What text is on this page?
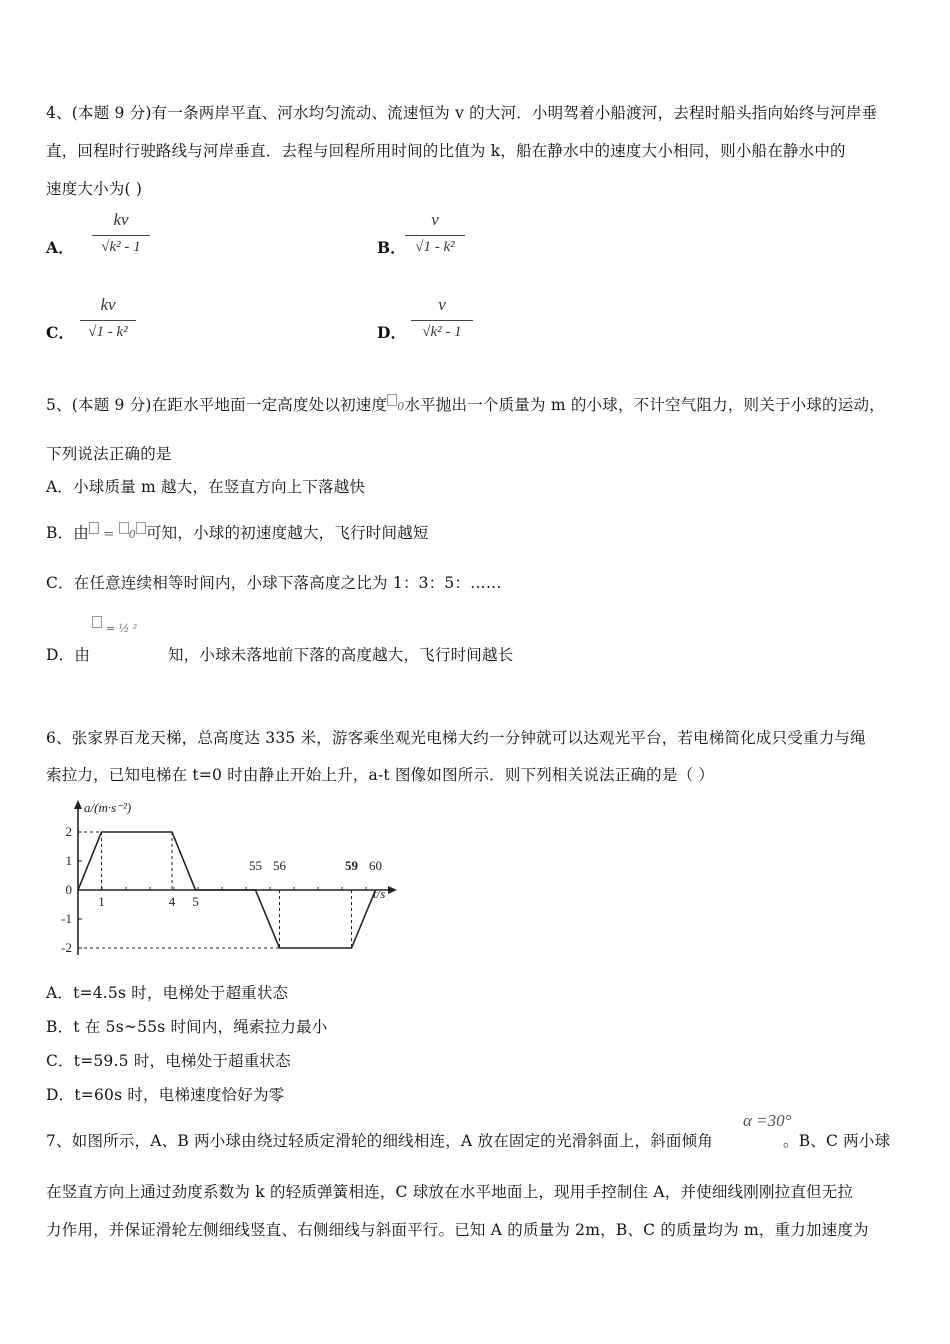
4、(本题 9 分)有一条两岸平直、河水均匀流动、流速恒为 v 的大河．小明驾着小船渡河，去程时船头指向始终与河岸垂
直，回程时行驶路线与河岸垂直．去程与回程所用时间的比值为 k，船在静水中的速度大小相同，则小船在静水中的
速度大小为( )
A．
kv
√k² - 1	B．
v
√1 - k²
C．
kv
√1 - k²	D．
v
√k² - 1
5、(本题 9 分)在距水平地面一定高度处以初速度 0水平抛出一个质量为 m 的小球，不计空气阻力，则关于小球的运动，
下列说法正确的是
A．小球质量 m 越大，在竖直方向上下落越快
B．由 = 0 可知，小球的初速度越大，飞行时间越短
C．在任意连续相等时间内，小球下落高度之比为 1：3：5：……
= ½ ²
D．由	知，小球未落地前下落的高度越大，飞行时间越长
6、张家界百龙天梯，总高度达 335 米，游客乘坐观光电梯大约一分钟就可以达观光平台，若电梯简化成只受重力与绳
索拉力，已知电梯在 t=0 时由静止开始上升，a-t 图像如图所示．则下列相关说法正确的是（ ）
a/(m·s⁻²)
t/s
2
1
0
-1
-2
1	4 5
55 56	59 60
A．t=4.5s 时，电梯处于超重状态
B．t 在 5s~55s 时间内，绳索拉力最小
C．t=59.5 时，电梯处于超重状态
D．t=60s 时，电梯速度恰好为零
7、如图所示，A、B 两小球由绕过轻质定滑轮的细线相连，A 放在固定的光滑斜面上，斜面倾角	。B、C 两小球
α =30°
在竖直方向上通过劲度系数为 k 的轻质弹簧相连，C 球放在水平地面上，现用手控制住 A，并使细线刚刚拉直但无拉
力作用，并保证滑轮左侧细线竖直、右侧细线与斜面平行。已知 A 的质量为 2m，B、C 的质量均为 m，重力加速度为
